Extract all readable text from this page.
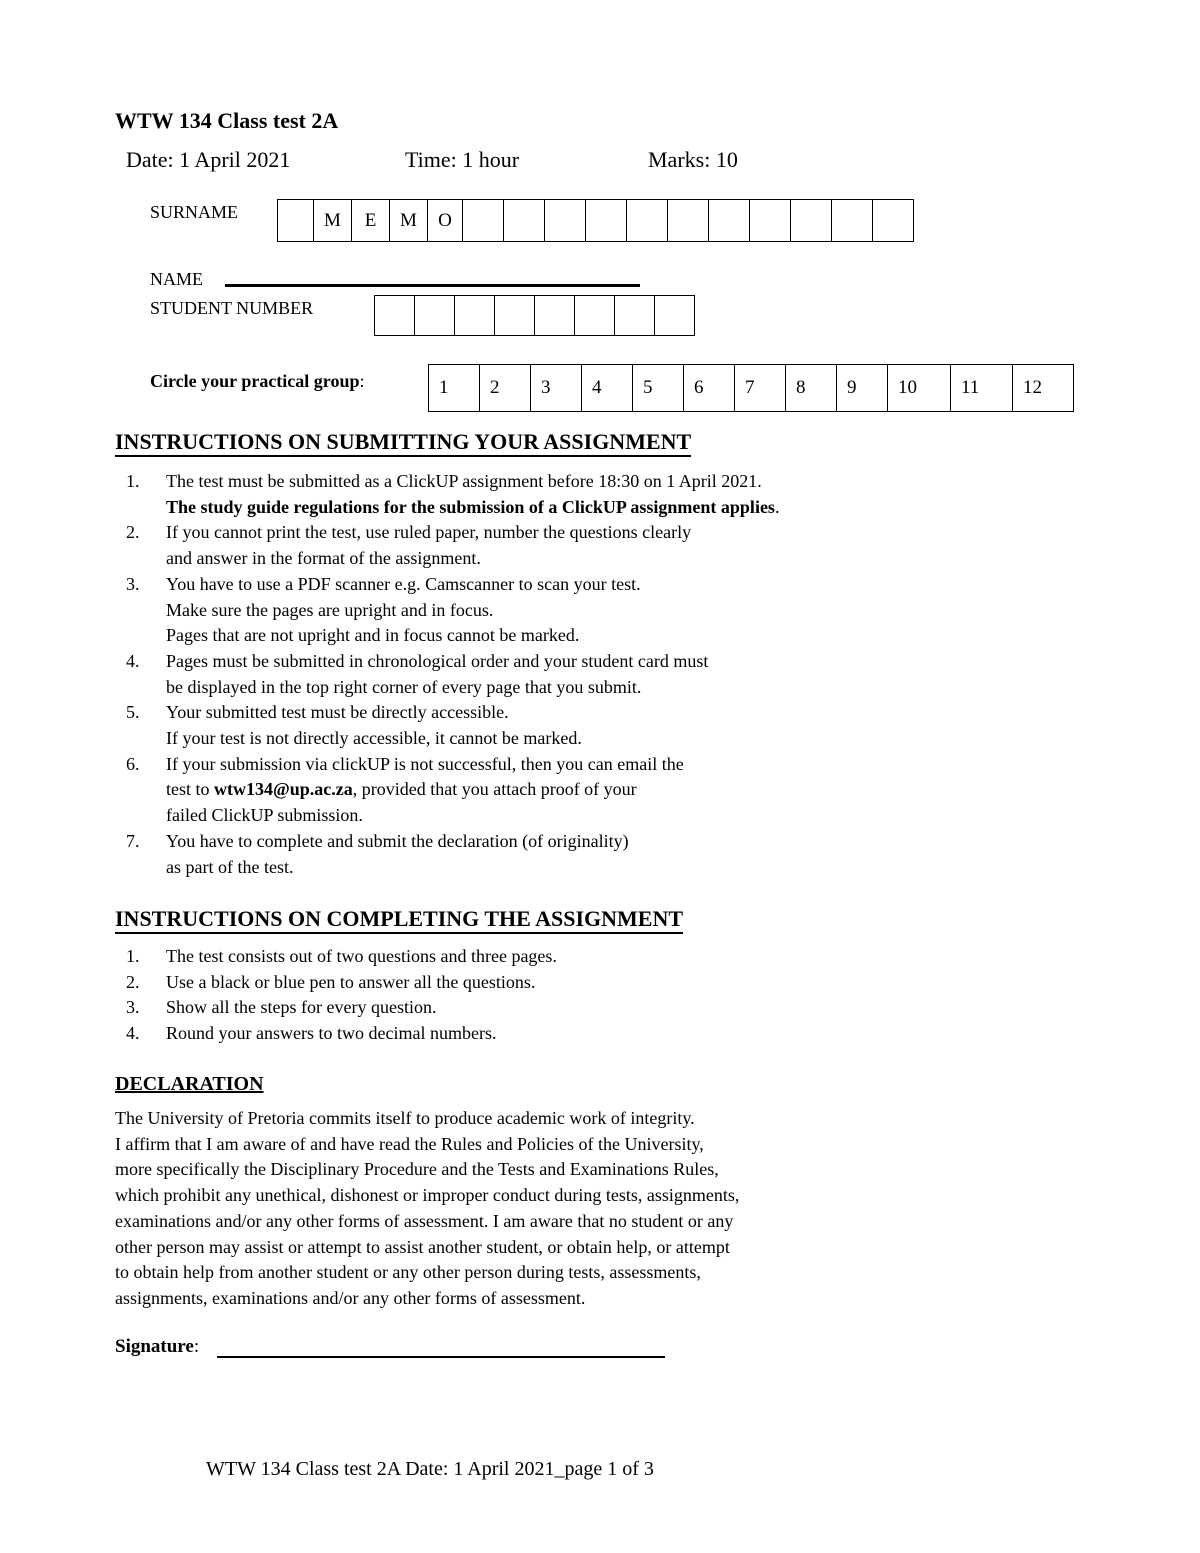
WTW 134 Class test 2A
Date: 1 April 2021	Time: 1 hour	Marks: 10
SURNAME
		M	E	M	O											
NAME
STUDENT NUMBER

Circle your practical group:	1	2	3	4	5	6	7	8	9	10	11	12
INSTRUCTIONS ON SUBMITTING YOUR ASSIGNMENT
1. The test must be submitted as a ClickUP assignment before 18:30 on 1 April 2021.
The study guide regulations for the submission of a ClickUP assignment applies.
2. If you cannot print the test, use ruled paper, number the questions clearly
and answer in the format of the assignment.
3. You have to use a PDF scanner e.g. Camscanner to scan your test.
Make sure the pages are upright and in focus.
Pages that are not upright and in focus cannot be marked.
4. Pages must be submitted in chronological order and your student card must
be displayed in the top right corner of every page that you submit.
5. Your submitted test must be directly accessible.
If your test is not directly accessible, it cannot be marked.
6. If your submission via clickUP is not successful, then you can email the
test to wtw134@up.ac.za, provided that you attach proof of your
failed ClickUP submission.
7. You have to complete and submit the declaration (of originality)
as part of the test.
INSTRUCTIONS ON COMPLETING THE ASSIGNMENT
1. The test consists out of two questions and three pages.
2. Use a black or blue pen to answer all the questions.
3. Show all the steps for every question.
4. Round your answers to two decimal numbers.
DECLARATION
The University of Pretoria commits itself to produce academic work of integrity.
I affirm that I am aware of and have read the Rules and Policies of the University,
more specifically the Disciplinary Procedure and the Tests and Examinations Rules,
which prohibit any unethical, dishonest or improper conduct during tests, assignments,
examinations and/or any other forms of assessment. I am aware that no student or any
other person may assist or attempt to assist another student, or obtain help, or attempt
to obtain help from another student or any other person during tests, assessments,
assignments, examinations and/or any other forms of assessment.
Signature:
WTW 134 Class test 2A Date: 1 April 2021_page 1 of 3
